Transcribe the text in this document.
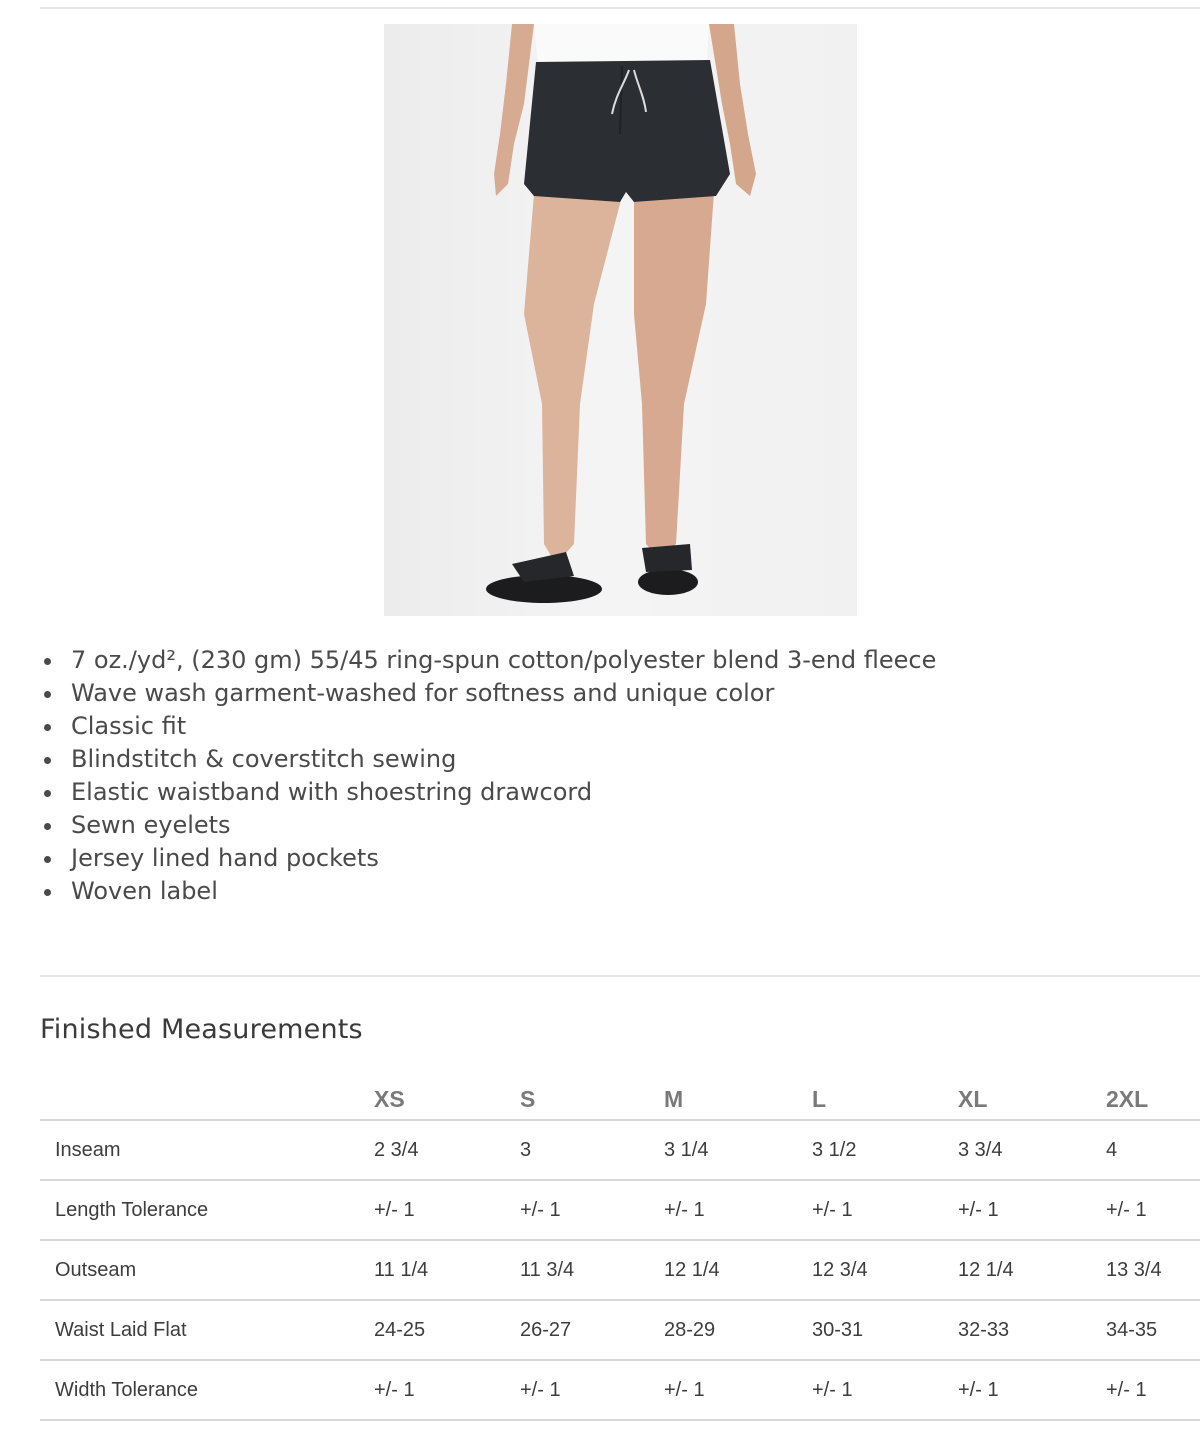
7 oz./yd², (230 gm) 55/45 ring-spun cotton/polyester blend 3-end fleece
Wave wash garment-washed for softness and unique color
Classic fit
Blindstitch & coverstitch sewing
Elastic waistband with shoestring drawcord
Sewn eyelets
Jersey lined hand pockets
Woven label
Finished Measurements
	XS	S	M	L	XL	2XL
Inseam	2 3/4	3	3 1/4	3 1/2	3 3/4	4
Length Tolerance	+/- 1	+/- 1	+/- 1	+/- 1	+/- 1	+/- 1
Outseam	11 1/4	11 3/4	12 1/4	12 3/4	12 1/4	13 3/4
Waist Laid Flat	24-25	26-27	28-29	30-31	32-33	34-35
Width Tolerance	+/- 1	+/- 1	+/- 1	+/- 1	+/- 1	+/- 1
